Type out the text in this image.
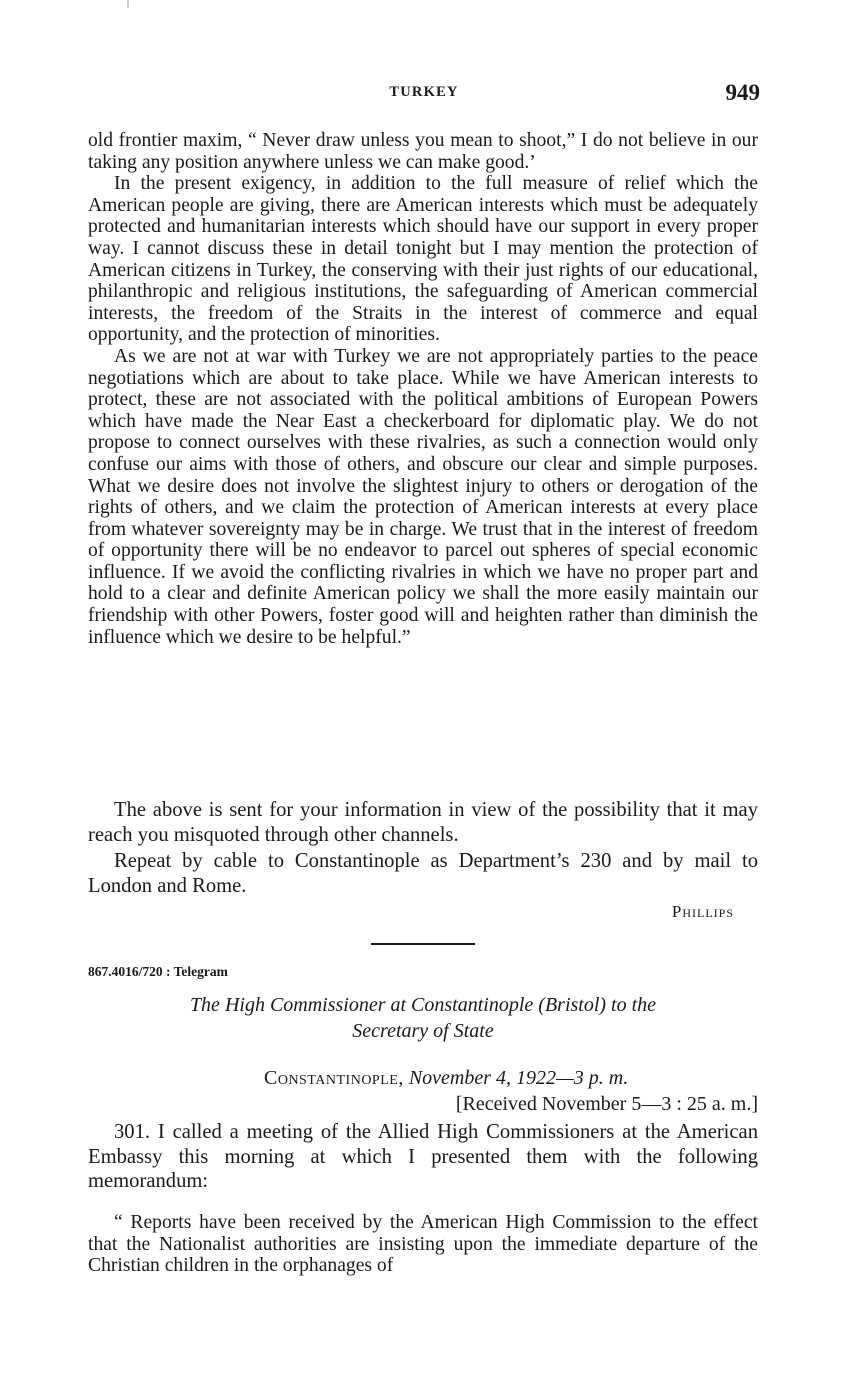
TURKEY	949

old frontier maxim, “ Never draw unless you mean to shoot,” I do not believe in our taking any position anywhere unless we can make good.’

In the present exigency, in addition to the full measure of relief which the American people are giving, there are American interests which must be adequately protected and humanitarian interests which should have our support in every proper way. I cannot discuss these in detail tonight but I may mention the protection of American citizens in Turkey, the conserving with their just rights of our educational, philanthropic and religious institutions, the safeguarding of American commercial interests, the freedom of the Straits in the interest of commerce and equal opportunity, and the protection of minorities.

As we are not at war with Turkey we are not appropriately parties to the peace negotiations which are about to take place. While we have American interests to protect, these are not associated with the political ambitions of European Powers which have made the Near East a checkerboard for diplomatic play. We do not propose to connect ourselves with these rivalries, as such a connection would only confuse our aims with those of others, and obscure our clear and simple purposes. What we desire does not involve the slightest injury to others or derogation of the rights of others, and we claim the protection of American interests at every place from whatever sovereignty may be in charge. We trust that in the interest of freedom of opportunity there will be no endeavor to parcel out spheres of special economic influence. If we avoid the conflicting rivalries in which we have no proper part and hold to a clear and definite American policy we shall the more easily maintain our friendship with other Powers, foster good will and heighten rather than diminish the influence which we desire to be helpful.”

The above is sent for your information in view of the possibility that it may reach you misquoted through other channels.

Repeat by cable to Constantinople as Department’s 230 and by mail to London and Rome.

Phillips
867.4016/720 : Telegram
The High Commissioner at Constantinople (Bristol) to the
Secretary of State
Constantinople, November 4, 1922—3 p. m.
[Received November 5—3 : 25 a. m.]

301. I called a meeting of the Allied High Commissioners at the American Embassy this morning at which I presented them with the following memorandum:

“ Reports have been received by the American High Commission to the effect that the Nationalist authorities are insisting upon the immediate departure of the Christian children in the orphanages of
